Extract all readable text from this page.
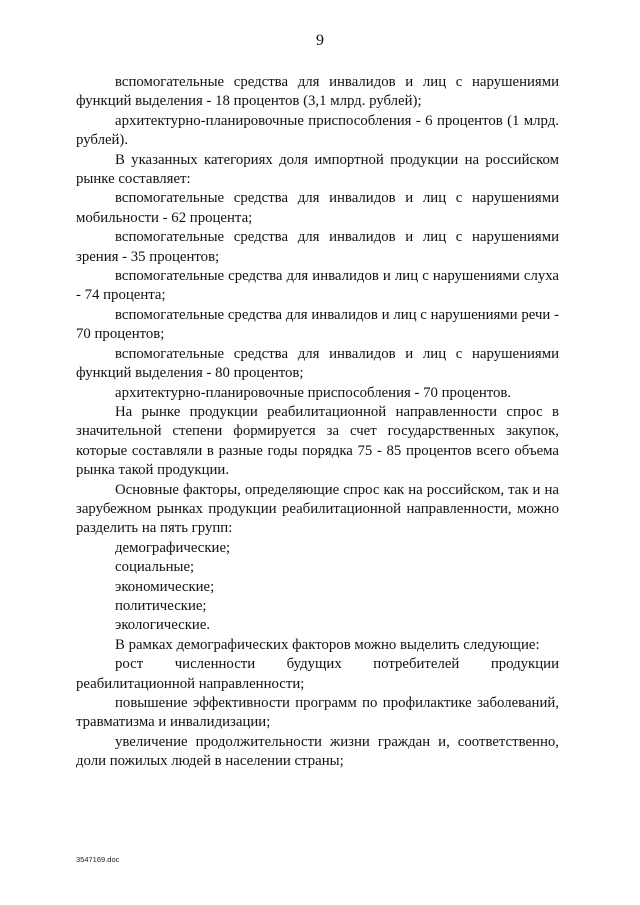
9

вспомогательные средства для инвалидов и лиц с нарушениями функций выделения - 18 процентов (3,1 млрд. рублей);

архитектурно-планировочные приспособления - 6 процентов (1 млрд. рублей).

В указанных категориях доля импортной продукции на российском рынке составляет:

вспомогательные средства для инвалидов и лиц с нарушениями мобильности - 62 процента;

вспомогательные средства для инвалидов и лиц с нарушениями зрения - 35 процентов;

вспомогательные средства для инвалидов и лиц с нарушениями слуха - 74 процента;

вспомогательные средства для инвалидов и лиц с нарушениями речи - 70 процентов;

вспомогательные средства для инвалидов и лиц с нарушениями функций выделения - 80 процентов;

архитектурно-планировочные приспособления - 70 процентов.

На рынке продукции реабилитационной направленности спрос в значительной степени формируется за счет государственных закупок, которые составляли в разные годы порядка 75 - 85 процентов всего объема рынка такой продукции.

Основные факторы, определяющие спрос как на российском, так и на зарубежном рынках продукции реабилитационной направленности, можно разделить на пять групп:

демографические;

социальные;

экономические;

политические;

экологические.

В рамках демографических факторов можно выделить следующие:

рост численности будущих потребителей продукции реабилитационной направленности;

повышение эффективности программ по профилактике заболеваний, травматизма и инвалидизации;

увеличение продолжительности жизни граждан и, соответственно, доли пожилых людей в населении страны;

3547169.doc
